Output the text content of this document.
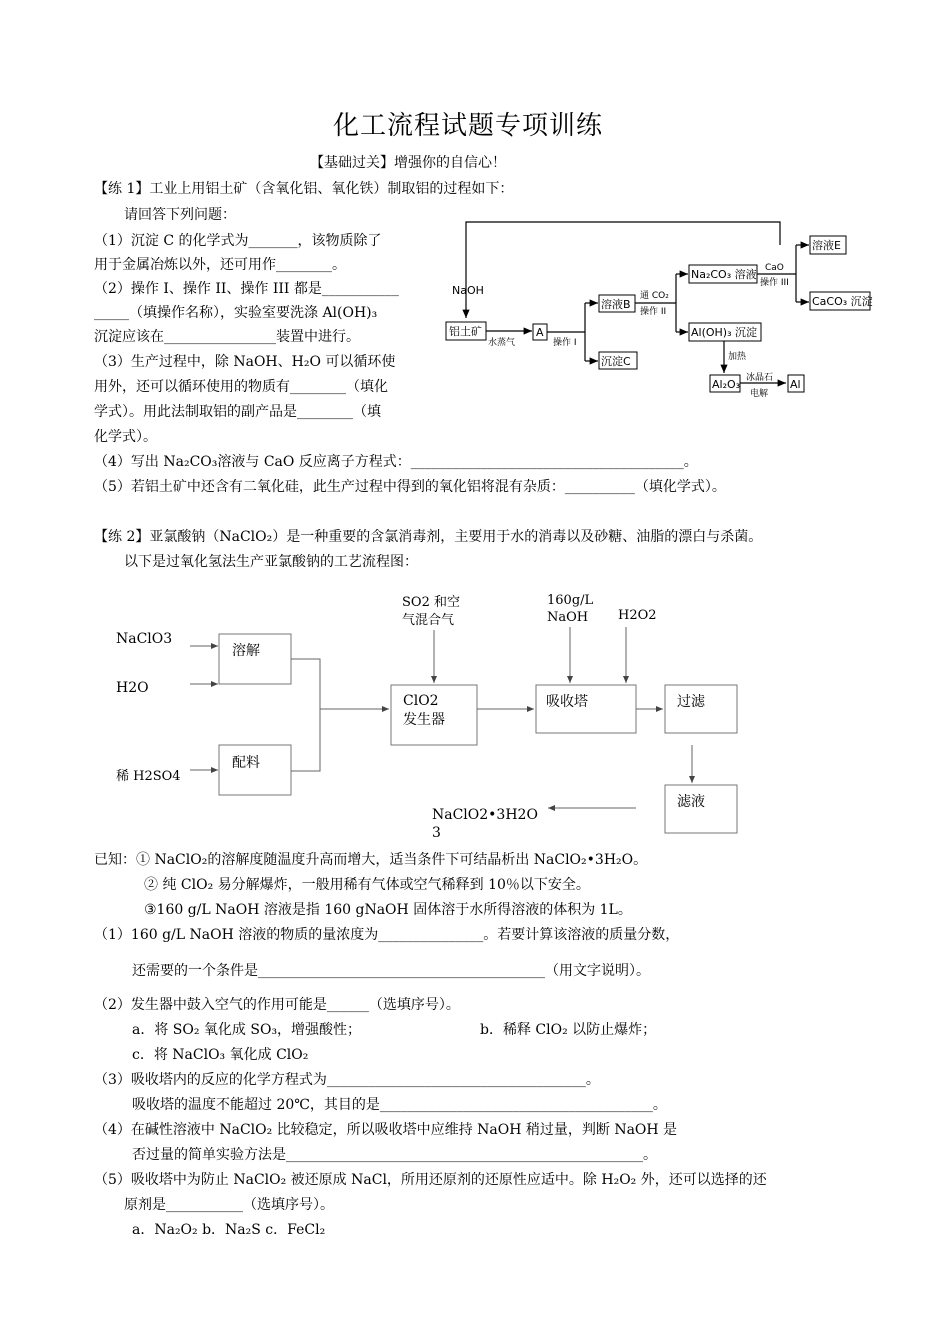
化工流程试题专项训练
【基础过关】增强你的自信心！
【练 1】工业上用铝土矿（含氧化铝、氧化铁）制取铝的过程如下：
请回答下列问题：
（1）沉淀 C 的化学式为_______，该物质除了
用于金属冶炼以外，还可用作________。
（2）操作 I、操作 II、操作 III 都是___________
_____（填操作名称），实验室要洗涤 Al(OH)₃
沉淀应该在________________装置中进行。
（3）生产过程中，除 NaOH、H₂O 可以循环使
用外，还可以循环使用的物质有________（填化
学式）。用此法制取铝的副产品是________（填
化学式）。
（4）写出 Na₂CO₃溶液与 CaO 反应离子方程式：_______________________________________。
（5）若铝土矿中还含有二氧化硅，此生产过程中得到的氧化铝将混有杂质：__________（填化学式）。
NaOH
铝土矿
水蒸气
A
操作 I
溶液B
沉淀C
通 CO₂
操作 II
Na₂CO₃ 溶液 CaO
操作 III
溶液E
CaCO₃ 沉淀
Al(OH)₃ 沉淀
加热
Al₂O₃ 冰晶石
电解
Al
【练 2】亚氯酸钠（NaClO₂）是一种重要的含氯消毒剂，主要用于水的消毒以及砂糖、油脂的漂白与杀菌。
以下是过氧化氢法生产亚氯酸钠的工艺流程图：
NaClO3
H2O
稀 H2SO4
溶解
配料
SO2 和空
气混合气
ClO2
发生器
160g/L
NaOH H2O2
吸收塔	过滤
滤液
NaClO2•3H2O
3
已知：① NaClO₂的溶解度随温度升高而增大，适当条件下可结晶析出 NaClO₂•3H₂O。
② 纯 ClO₂ 易分解爆炸，一般用稀有气体或空气稀释到 10％以下安全。
③160 g/L NaOH 溶液是指 160 gNaOH 固体溶于水所得溶液的体积为 1L。
（1）160 g/L NaOH 溶液的物质的量浓度为_______________。若要计算该溶液的质量分数，
还需要的一个条件是_________________________________________（用文字说明）。
（2）发生器中鼓入空气的作用可能是______（选填序号）。
a．将 SO₂ 氧化成 SO₃，增强酸性；	b．稀释 ClO₂ 以防止爆炸；
c．将 NaClO₃ 氧化成 ClO₂
（3）吸收塔内的反应的化学方程式为_____________________________________。
吸收塔的温度不能超过 20℃，其目的是_______________________________________。
（4）在碱性溶液中 NaClO₂ 比较稳定，所以吸收塔中应维持 NaOH 稍过量，判断 NaOH 是
否过量的简单实验方法是___________________________________________________。
（5）吸收塔中为防止 NaClO₂ 被还原成 NaCl，所用还原剂的还原性应适中。除 H₂O₂ 外，还可以选择的还
原剂是___________（选填序号）。
a．Na₂O₂ b．Na₂S c．FeCl₂
